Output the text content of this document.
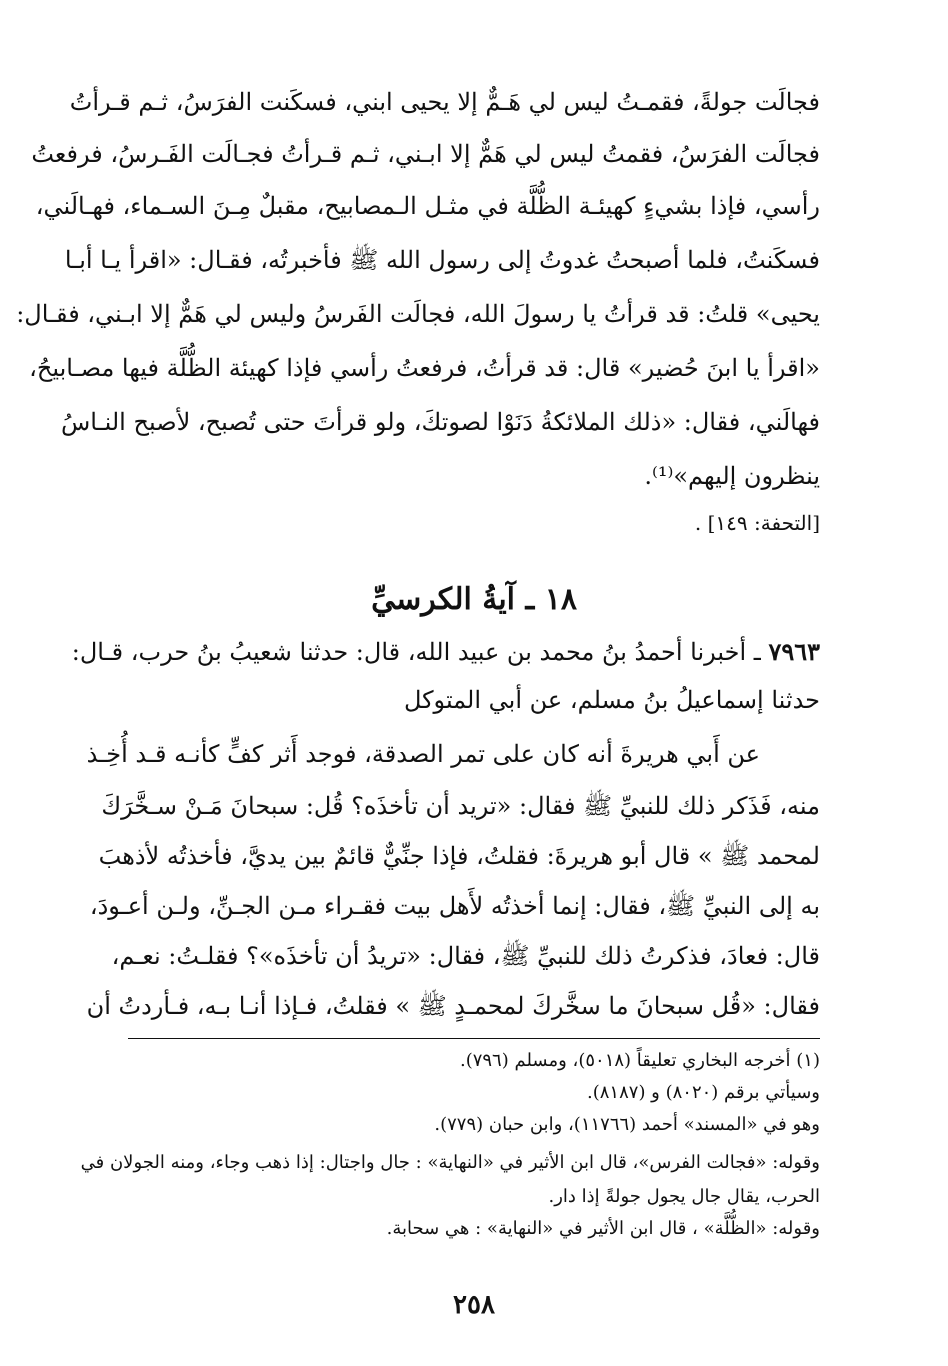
فجالَت جولةً، فقمـتُ ليس لي هَـمٌّ إلا يحيى ابني، فسكَنت الفرَسُ، ثـم قـرأتُ
فجالَت الفرَسُ، فقمتُ ليس لي هَمٌّ إلا ابـني، ثـم قـرأتُ فجـالَت الفَـرسُ، فرفعتُ
رأسي، فإذا بشيءٍ كهيئـة الظُّلَّة في مثـل الـمصابيح، مقبلٌ مِـنَ السـماء، فهـالَني،
فسكَنتُ، فلما أصبحتُ غدوتُ إلى رسول الله ﷺ فأخبرتُه، فقـال: «اقرأ يـا أبـا
يحيى» قلتُ: قد قرأتُ يا رسولَ الله، فجالَت الفَرسُ وليس لي هَمٌّ إلا ابـني، فقـال:
«اقرأ يا ابنَ حُضير» قال: قد قرأتُ، فرفعتُ رأسي فإذا كهيئة الظُّلَّة فيها مصـابيحُ،
فهالَني، فقال: «ذلك الملائكةُ دَنَوْا لصوتكَ، ولو قرأتَ حتى تُصبح، لأصبح النـاسُ
ينظرون إليهم»⁽¹⁾.
[التحفة: ١٤٩] .
١٨ ـ آيةُ الكرسيِّ
٧٩٦٣ ـ أخبرنا أحمدُ بنُ محمد بن عبيد الله، قال: حدثنا شعيبُ بنُ حرب، قـال:
حدثنا إسماعيلُ بنُ مسلم، عن أبي المتوكل
عن أَبي هريرةَ أنه كان على تمر الصدقة، فوجد أَثر كفٍّ كأنـه قـد أُخِـذ
منه، فَذَكر ذلك للنبيِّ ﷺ فقال: «تريد أن تأخذَه؟ قُل: سبحانَ مَـنْ سـخَّرَكَ
لمحمد ﷺ » قال أبو هريرةَ: فقلتُ، فإذا جنِّيٌّ قائمٌ بين يديَّ، فأخذتُه لأذهبَ
به إلى النبيِّ ﷺ، فقال: إنما أخذتُه لأَهل بيت فقـراء مـن الجـنِّ، ولـن أعـودَ،
قال: فعادَ، فذكرتُ ذلك للنبيِّ ﷺ، فقال: «تريدُ أن تأخذَه»؟ فقلـتُ: نعـم،
فقال: «قُل سبحانَ ما سخَّركَ لمحمـدٍ ﷺ » فقلتُ، فـإذا أنـا بـه، فـأردتُ أن
(١) أخرجه البخاري تعليقاً (٥٠١٨)، ومسلم (٧٩٦).
وسيأتي برقم (٨٠٢٠) و (٨١٨٧).
وهو في «المسند» أحمد (١١٧٦٦)، وابن حبان (٧٧٩).
وقوله: «فجالت الفرس»، قال ابن الأثير في «النهاية» : جال واجتال: إذا ذهب وجاء، ومنه الجولان في
الحرب، يقال جال يجول جولةً إذا دار.
وقوله: «الظُّلَّة» ، قال ابن الأثير في «النهاية» : هي سحابة.
٢٥٨
